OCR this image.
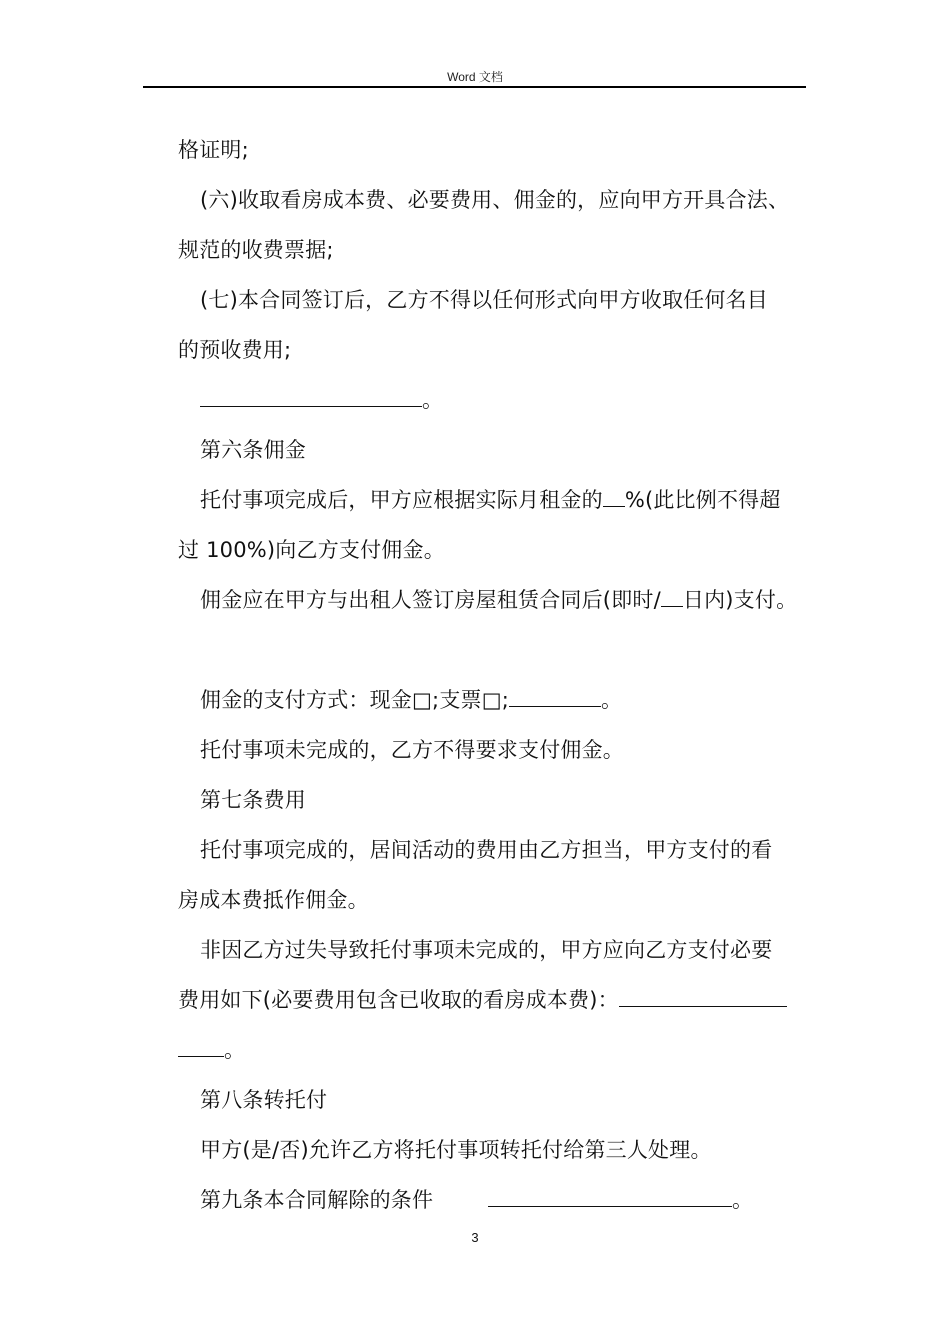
Word 文档
格证明;
(六)收取看房成本费、必要费用、佣金的，应向甲方开具合法、
规范的收费票据;
(七)本合同签订后，乙方不得以任何形式向甲方收取任何名目
的预收费用;
。
第六条佣金
托付事项完成后，甲方应根据实际月租金的 %(此比例不得超
过 100%)向乙方支付佣金。
佣金应在甲方与出租人签订房屋租赁合同后(即时/ 日内)支付。
佣金的支付方式：现金□;支票□;	。
托付事项未完成的，乙方不得要求支付佣金。
第七条费用
托付事项完成的，居间活动的费用由乙方担当，甲方支付的看
房成本费抵作佣金。
非因乙方过失导致托付事项未完成的，甲方应向乙方支付必要
费用如下(必要费用包含已收取的看房成本费)：
。
第八条转托付
甲方(是/否)允许乙方将托付事项转托付给第三人处理。
第九条本合同解除的条件	。
3
